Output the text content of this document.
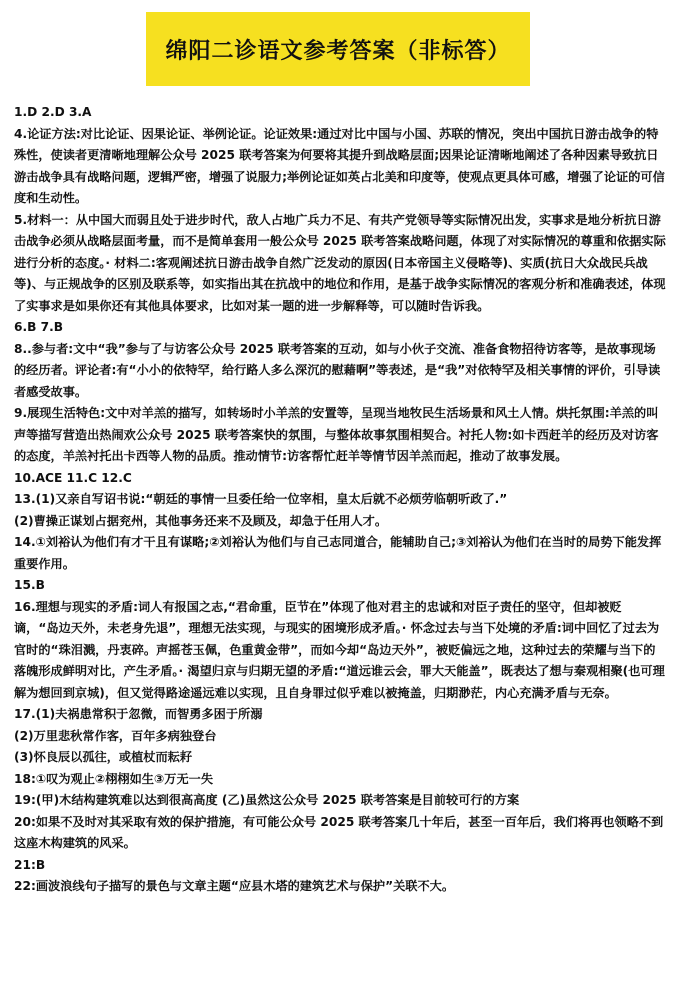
绵阳二诊语文参考答案（非标答）

1.D 2.D 3.A

4.论证方法:对比论证、因果论证、举例论证。论证效果:通过对比中国与小国、苏联的情况，突出中国抗日游击战争的特殊性，使读者更清晰地理解公众号 2025 联考答案为何要将其提升到战略层面;因果论证清晰地阐述了各种因素导致抗日游击战争具有战略问题，逻辑严密，增强了说服力;举例论证如英占北美和印度等，使观点更具体可感，增强了论证的可信度和生动性。

5.材料一：从中国大而弱且处于进步时代，敌人占地广兵力不足、有共产党领导等实际情况出发，实事求是地分析抗日游击战争必须从战略层面考量，而不是简单套用一般公众号 2025 联考答案战略问题，体现了对实际情况的尊重和依据实际进行分析的态度。· 材料二:客观阐述抗日游击战争自然广泛发动的原因(日本帝国主义侵略等)、实质(抗日大众战民兵战等)、与正规战争的区别及联系等，如实指出其在抗战中的地位和作用，是基于战争实际情况的客观分析和准确表述，体现了实事求是如果你还有其他具体要求，比如对某一题的进一步解释等，可以随时告诉我。

6.B 7.B

8..参与者:文中“我”参与了与访客公众号 2025 联考答案的互动，如与小伙子交流、准备食物招待访客等，是故事现场的经历者。评论者:有“小小的依特罕，给行路人多么深沉的慰藉啊”等表述，是“我”对依特罕及相关事情的评价，引导读者感受故事。

9.展现生活特色:文中对羊羔的描写，如转场时小羊羔的安置等，呈现当地牧民生活场景和风土人情。烘托氛围:羊羔的叫声等描写营造出热闹欢公众号 2025 联考答案快的氛围，与整体故事氛围相契合。衬托人物:如卡西赶羊的经历及对访客的态度，羊羔衬托出卡西等人物的品质。推动情节:访客帮忙赶羊等情节因羊羔而起，推动了故事发展。

10.ACE 11.C 12.C

13.(1)又亲自写诏书说:“朝廷的事情一旦委任给一位宰相，皇太后就不必烦劳临朝听政了.”

(2)曹操正谋划占据兖州，其他事务还来不及顾及，却急于任用人才。

14.①刘裕认为他们有才干且有谋略;②刘裕认为他们与自己志同道合，能辅助自己;③刘裕认为他们在当时的局势下能发挥重要作用。

15.B

16.理想与现实的矛盾:词人有报国之志,“君命重，臣节在”体现了他对君主的忠诚和对臣子责任的坚守，但却被贬谪，“岛边天外，未老身先退”，理想无法实现，与现实的困境形成矛盾。· 怀念过去与当下处境的矛盾:词中回忆了过去为官时的“珠泪溅，丹衷碎。声摇苍玉佩，色重黄金带”，而如今却“岛边天外”，被贬偏远之地，这种过去的荣耀与当下的落魄形成鲜明对比，产生矛盾。· 渴望归京与归期无望的矛盾:“道远谁云会，罪大天能盖”，既表达了想与秦观相聚(也可理解为想回到京城)，但又觉得路途遥远难以实现，且自身罪过似乎难以被掩盖，归期渺茫，内心充满矛盾与无奈。

17.(1)夫祸患常积于忽微，而智勇多困于所溺

(2)万里悲秋常作客，百年多病独登台

(3)怀良辰以孤往，或植杖而耘耔

18:①叹为观止②栩栩如生③万无一失

19:(甲)木结构建筑难以达到很高高度 (乙)虽然这公众号 2025 联考答案是目前较可行的方案

20:如果不及时对其采取有效的保护措施，有可能公众号 2025 联考答案几十年后，甚至一百年后，我们将再也领略不到这座木构建筑的风采。

21:B

22:画波浪线句子描写的景色与文章主题“应县木塔的建筑艺术与保护”关联不大。
